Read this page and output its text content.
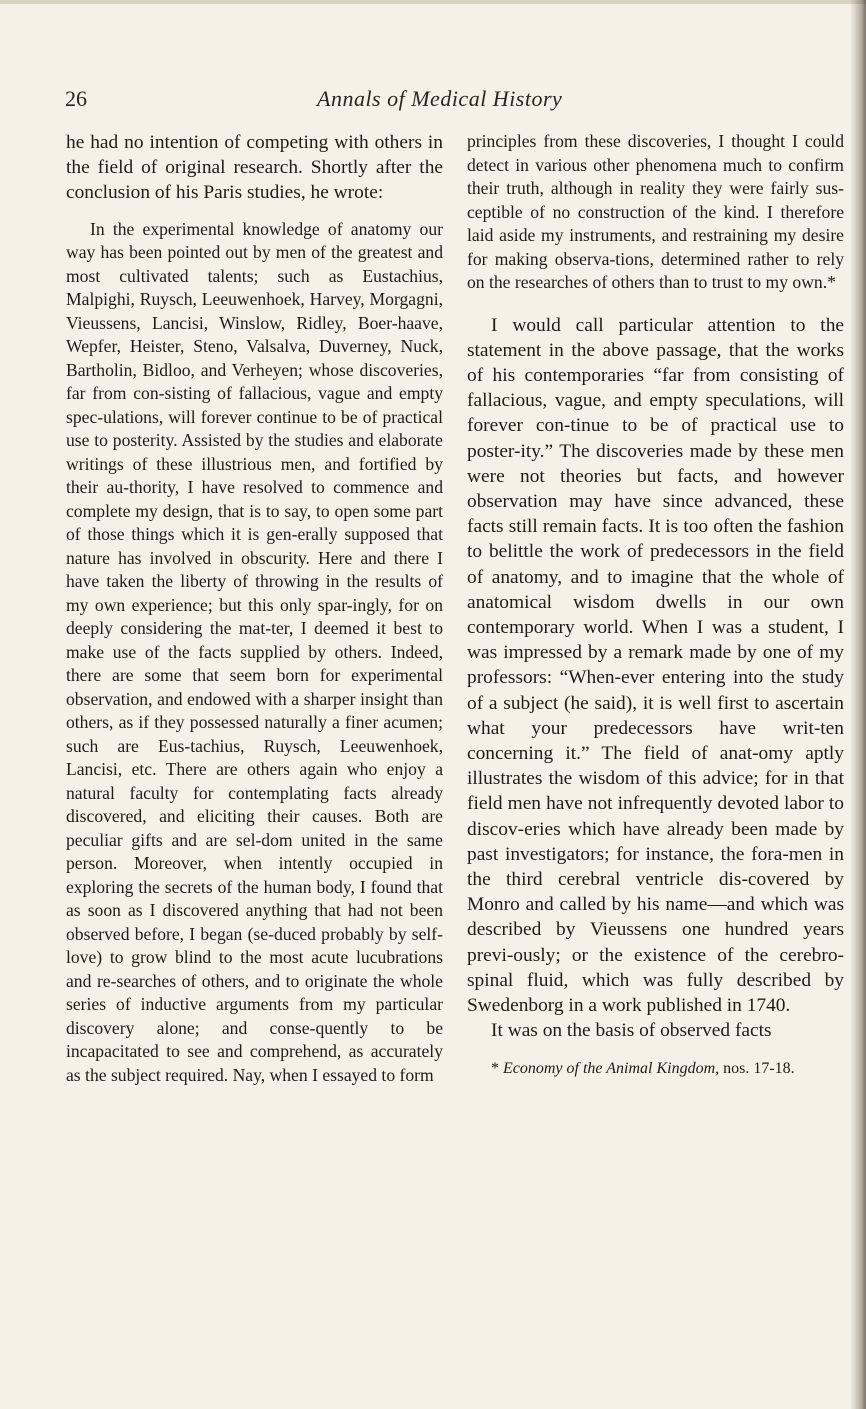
26	Annals of Medical History

he had no intention of competing with others in the field of original research. Shortly after the conclusion of his Paris studies, he wrote:

In the experimental knowledge of anatomy our way has been pointed out by men of the greatest and most cultivated talents; such as Eustachius, Malpighi, Ruysch, Leeuwenhoek, Harvey, Morgagni, Vieussens, Lancisi, Winslow, Ridley, Boer-haave, Wepfer, Heister, Steno, Valsalva, Duverney, Nuck, Bartholin, Bidloo, and Verheyen; whose discoveries, far from con-sisting of fallacious, vague and empty spec-ulations, will forever continue to be of practical use to posterity. Assisted by the studies and elaborate writings of these illustrious men, and fortified by their au-thority, I have resolved to commence and complete my design, that is to say, to open some part of those things which it is gen-erally supposed that nature has involved in obscurity. Here and there I have taken the liberty of throwing in the results of my own experience; but this only spar-ingly, for on deeply considering the mat-ter, I deemed it best to make use of the facts supplied by others. Indeed, there are some that seem born for experimental observation, and endowed with a sharper insight than others, as if they possessed naturally a finer acumen; such are Eus-tachius, Ruysch, Leeuwenhoek, Lancisi, etc. There are others again who enjoy a natural faculty for contemplating facts already discovered, and eliciting their causes. Both are peculiar gifts and are sel-dom united in the same person. Moreover, when intently occupied in exploring the secrets of the human body, I found that as soon as I discovered anything that had not been observed before, I began (se-duced probably by self-love) to grow blind to the most acute lucubrations and re-searches of others, and to originate the whole series of inductive arguments from my particular discovery alone; and conse-quently to be incapacitated to see and comprehend, as accurately as the subject required. Nay, when I essayed to form

principles from these discoveries, I thought I could detect in various other phenomena much to confirm their truth, although in reality they were fairly sus-ceptible of no construction of the kind. I therefore laid aside my instruments, and restraining my desire for making observa-tions, determined rather to rely on the researches of others than to trust to my own.*

I would call particular attention to the statement in the above passage, that the works of his contemporaries “far from consisting of fallacious, vague, and empty speculations, will forever con-tinue to be of practical use to poster-ity.” The discoveries made by these men were not theories but facts, and however observation may have since advanced, these facts still remain facts. It is too often the fashion to belittle the work of predecessors in the field of anatomy, and to imagine that the whole of anatomical wisdom dwells in our own contemporary world. When I was a student, I was impressed by a remark made by one of my professors: “When-ever entering into the study of a subject (he said), it is well first to ascertain what your predecessors have writ-ten concerning it.” The field of anat-omy aptly illustrates the wisdom of this advice; for in that field men have not infrequently devoted labor to discov-eries which have already been made by past investigators; for instance, the fora-men in the third cerebral ventricle dis-covered by Monro and called by his name—and which was described by Vieussens one hundred years previ-ously; or the existence of the cerebro-spinal fluid, which was fully described by Swedenborg in a work published in 1740.

It was on the basis of observed facts

* Economy of the Animal Kingdom, nos. 17-18.
